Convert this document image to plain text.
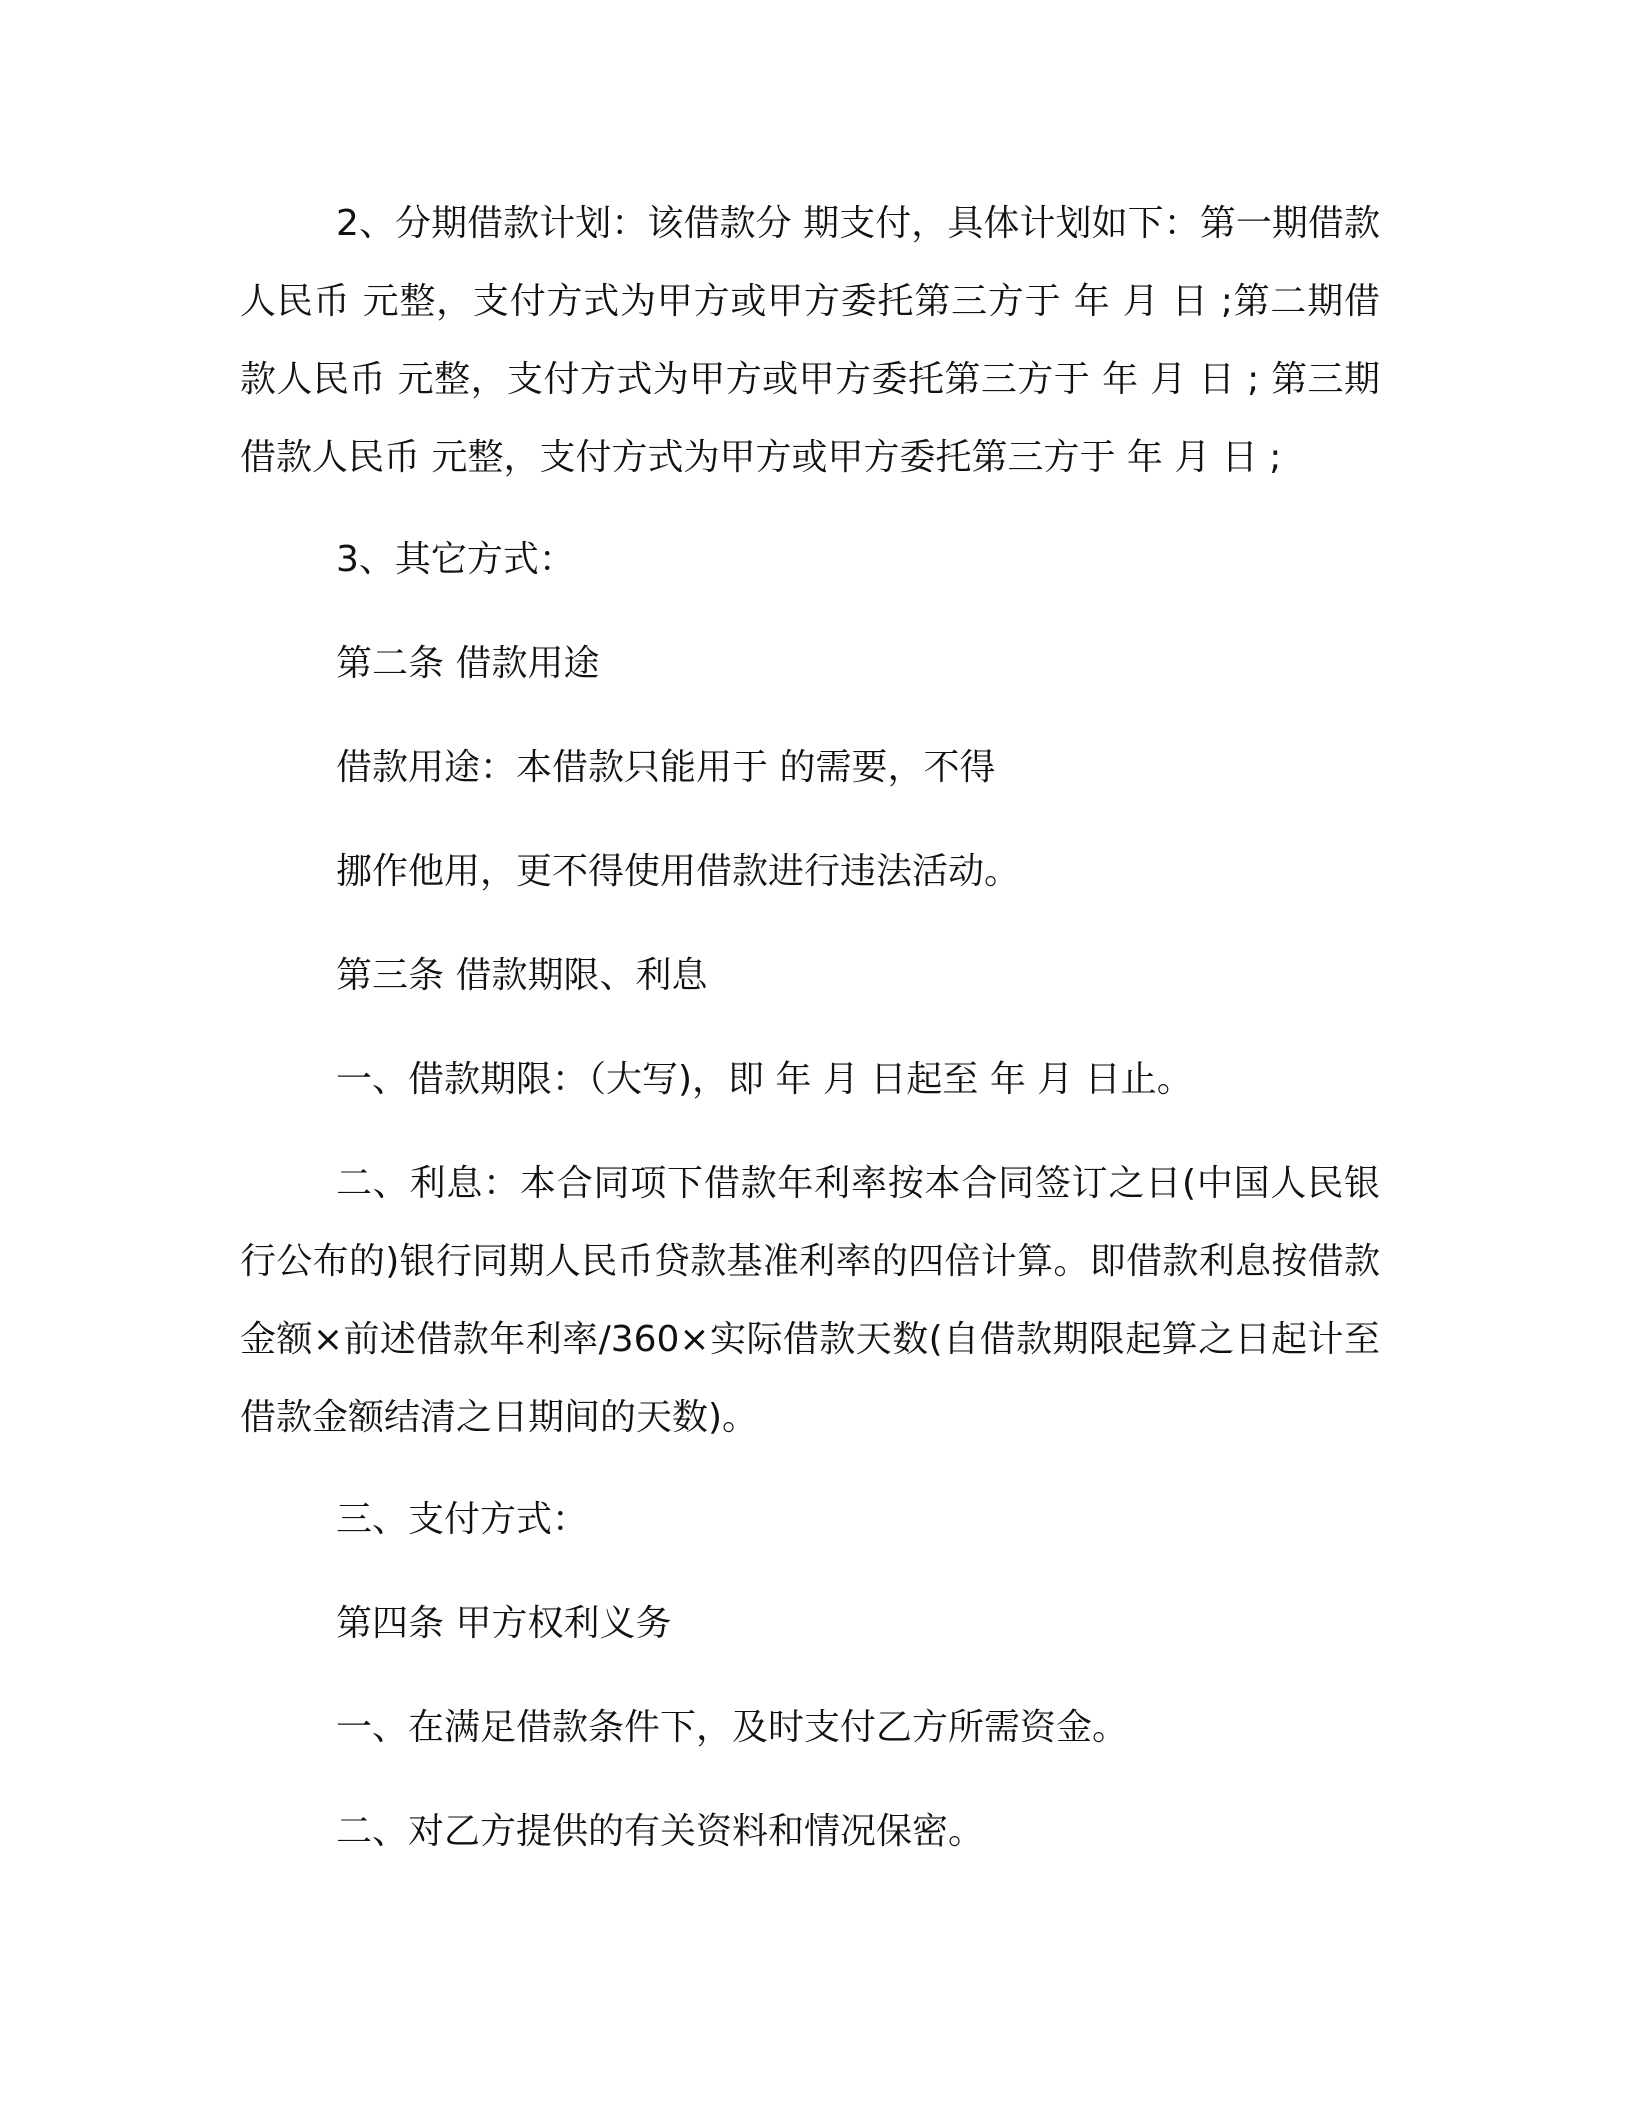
2、分期借款计划：该借款分 期支付，具体计划如下：第一期借款人民币 元整，支付方式为甲方或甲方委托第三方于 年 月 日 ;第二期借款人民币 元整，支付方式为甲方或甲方委托第三方于 年 月 日 ; 第三期借款人民币 元整，支付方式为甲方或甲方委托第三方于 年 月 日 ;

3、其它方式：

第二条 借款用途

借款用途：本借款只能用于 的需要，不得

挪作他用，更不得使用借款进行违法活动。

第三条 借款期限、利息

一、借款期限：（大写)，即 年 月 日起至 年 月 日止。

二、利息：本合同项下借款年利率按本合同签订之日(中国人民银行公布的)银行同期人民币贷款基准利率的四倍计算。即借款利息按借款金额×前述借款年利率/360×实际借款天数(自借款期限起算之日起计至借款金额结清之日期间的天数)。

三、支付方式：

第四条 甲方权利义务

一、在满足借款条件下，及时支付乙方所需资金。

二、对乙方提供的有关资料和情况保密。
